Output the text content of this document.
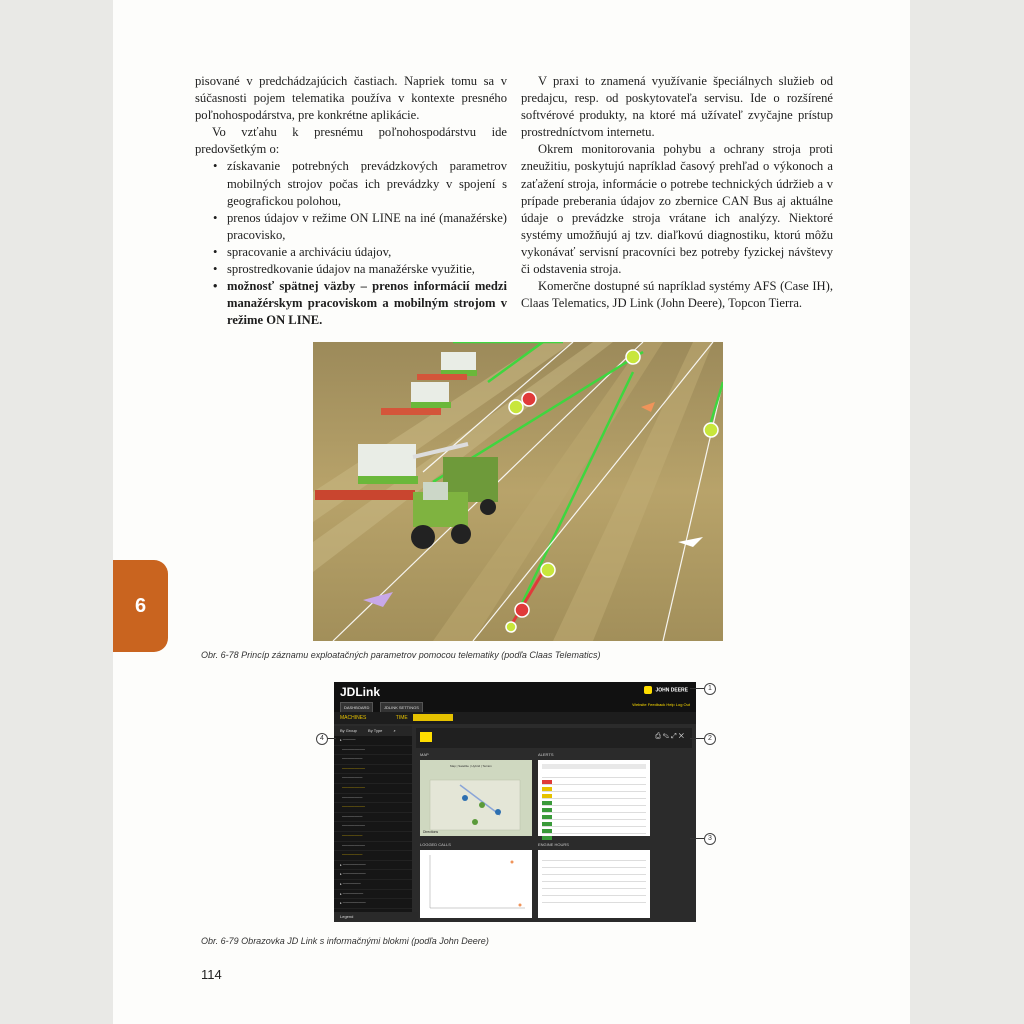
pisované v predchádzajúcich častiach. Napriek tomu sa v súčasnosti pojem telematika používa v kontexte presného poľnohospodárstva, pre konkrétne aplikácie.

Vo vzťahu k presnému poľnohospodárstvu ide predovšetkým o:

• získavanie potrebných prevádzkových parametrov mobilných strojov počas ich prevádzky v spojení s geografickou polohou,
• prenos údajov v režime ON LINE na iné (manažérske) pracovisko,
• spracovanie a archiváciu údajov,
• sprostredkovanie údajov na manažérske využitie,
• možnosť spätnej väzby – prenos informácií medzi manažérskym pracoviskom a mobilným strojom v režime ON LINE.

V praxi to znamená využívanie špeciálnych služieb od predajcu, resp. od poskytovateľa servisu. Ide o rozšírené softvérové produkty, na ktoré má užívateľ zvyčajne prístup prostredníctvom internetu.

Okrem monitorovania pohybu a ochrany stroja proti zneužitiu, poskytujú napríklad časový prehľad o výkonoch a zaťažení stroja, informácie o potrebe technických údržieb a v prípade preberania údajov zo zbernice CAN Bus aj aktuálne údaje o prevádzke stroja vrátane ich analýzy. Niektoré systémy umožňujú aj tzv. diaľkovú diagnostiku, ktorú môžu vykonávať servisní pracovníci bez potreby fyzickej návštevy či odstavenia stroja.

Komerčne dostupné sú napríklad systémy AFS (Case IH), Claas Telematics, JD Link (John Deere), Topcon Tierra.

6
Obr. 6-78 Princíp záznamu exploatačných parametrov pomocou telematiky (podľa Claas Telematics)
JDLink
DASHBOARD	JDLINK SETTINGS
JOHN DEERE
Website Feedback Help Log Out
MACHINES	TIME
By Group	By Type	⌕
▸ ─────
─────────
────────
─────────
────────
─────────
────────
─────────
────────
─────────
────────
─────────
────────
▸ ─────────
▸ ─────────
▸ ───────
▸ ────────
▸ ─────────
Legend
⎙ ✎ ⤢ ✕
MAP
Map | Satellite | Hybrid | Terrain
Directions
ALERTS
LOGGED CALLS	ENGINE HOURS
1
2
3
4
Obr. 6-79 Obrazovka JD Link s informačnými blokmi (podľa John Deere)
114
